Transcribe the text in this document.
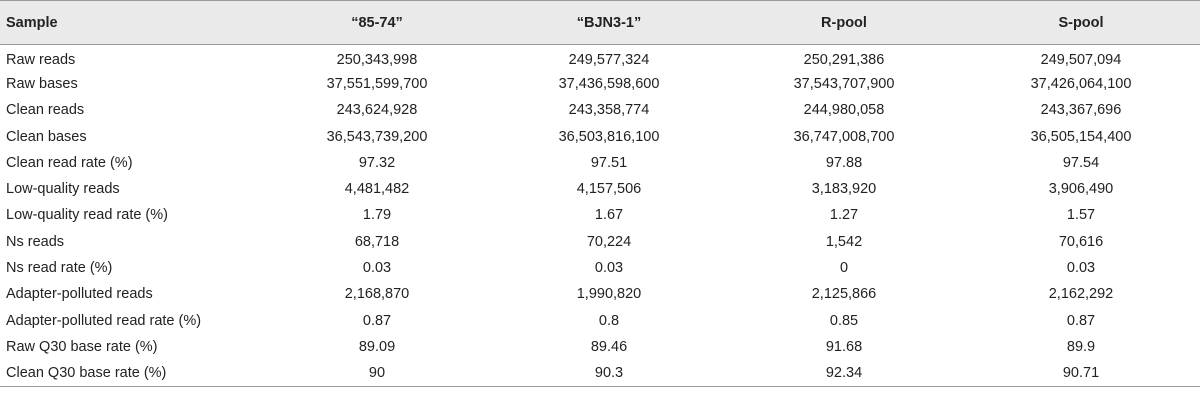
Sample	“85-74”	“BJN3-1”	R-pool	S-pool
Raw reads	250,343,998	249,577,324	250,291,386	249,507,094
Raw bases	37,551,599,700	37,436,598,600	37,543,707,900	37,426,064,100
Clean reads	243,624,928	243,358,774	244,980,058	243,367,696
Clean bases	36,543,739,200	36,503,816,100	36,747,008,700	36,505,154,400
Clean read rate (%)	97.32	97.51	97.88	97.54
Low-quality reads	4,481,482	4,157,506	3,183,920	3,906,490
Low-quality read rate (%)	1.79	1.67	1.27	1.57
Ns reads	68,718	70,224	1,542	70,616
Ns read rate (%)	0.03	0.03	0	0.03
Adapter-polluted reads	2,168,870	1,990,820	2,125,866	2,162,292
Adapter-polluted read rate (%)	0.87	0.8	0.85	0.87
Raw Q30 base rate (%)	89.09	89.46	91.68	89.9
Clean Q30 base rate (%)	90	90.3	92.34	90.71
